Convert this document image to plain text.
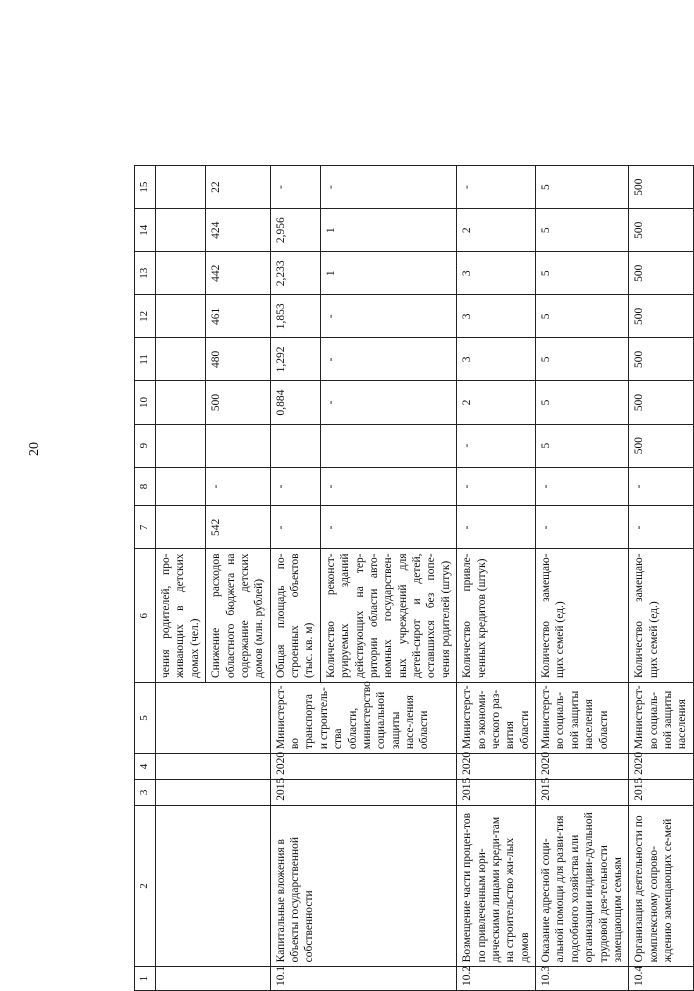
20
1	2	3	4	5	6	7	8	9	10	11	12	13	14	15
					чения родителей, про-живающих в детских домах (чел.)									
					Снижение расходов областного бюджета на содержание детских домов (млн. рублей)	542	-		500	480	461	442	424	22
10.1	Капитальные вложения в объекты государственной собственности	2015	2020	Министерст-во транспорта и строитель-ства области, министерство социальной защиты насе-ления области	Общая площадь по-строенных объектов (тыс. кв. м)	-	-		0,884	1,292	1,853	2,233	2,956	-
					Количество реконст-руируемых зданий действующих на тер-ритории области авто-номных государствен-ных учреждений для детей-сирот и детей, оставшихся без попе-чения родителей (штук)	-	-		-	-	-	1	1	-
10.2	Возмещение части процен-тов по привлеченным юри-дическими лицами креди-там на строительство жи-лых домов	2015	2020	Министерст-во экономи-ческого раз-вития области	Количество привле-ченных кредитов (штук)	-	-	-	2	3	3	3	2	-
10.3	Оказание адресной соци-альной помощи для разви-тия подсобного хозяйства или организации индиви-дуальной трудовой дея-тельности замещающим семьям	2015	2020	Министерст-во социаль-ной защиты населения области	Количество замещаю-щих семей (ед.)	-	-	5	5	5	5	5	5	5
10.4	Организация деятельности по комплексному сопрово-ждению замещающих се-мей	2015	2020	Министерст-во социаль-ной защиты населения	Количество замещаю-щих семей (ед.)	-	-	500	500	500	500	500	500	500
